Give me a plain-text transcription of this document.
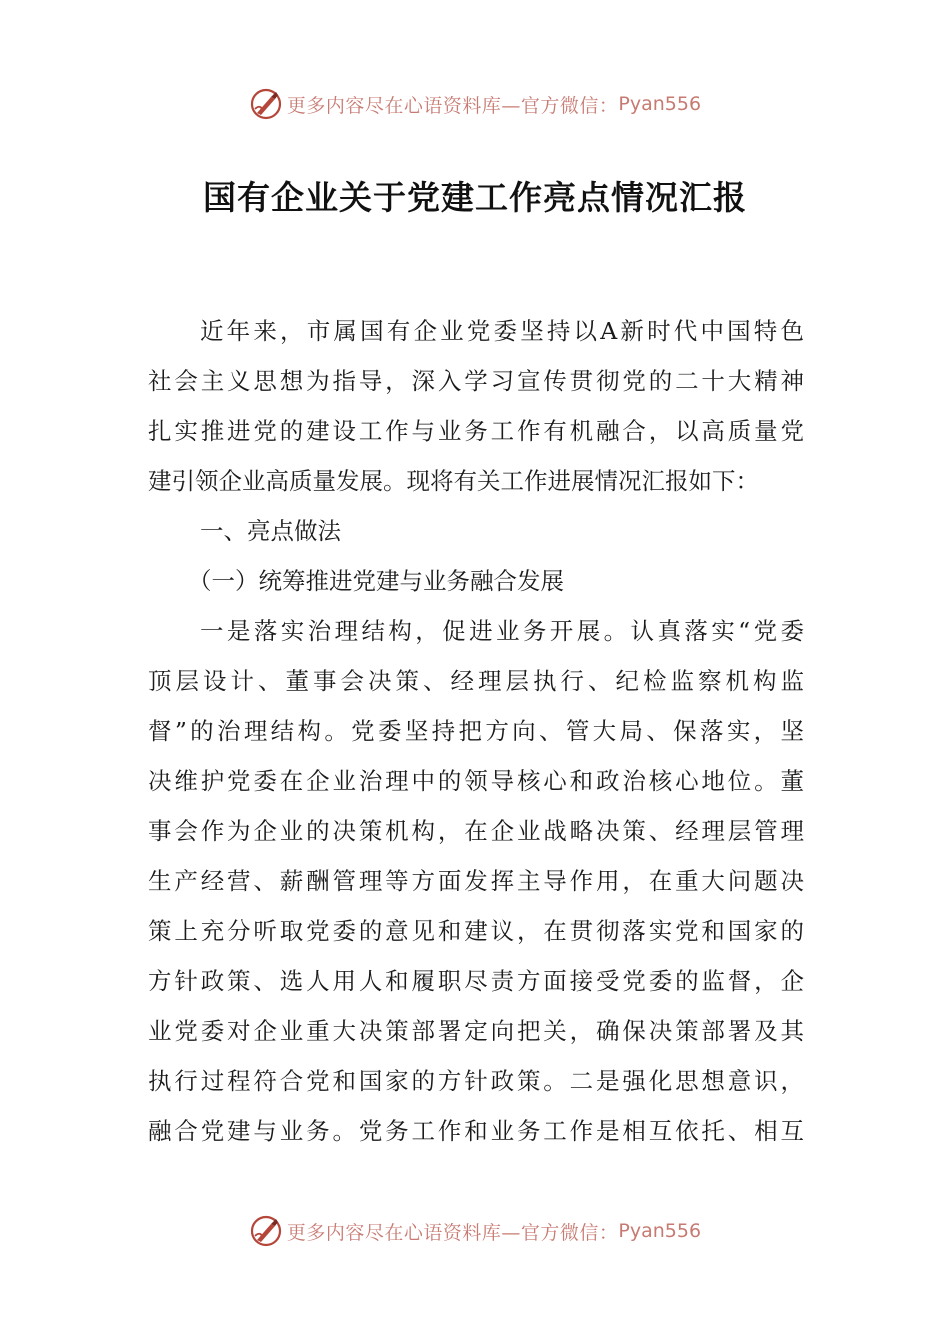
更多内容尽在心语资料库—官方微信： Pyan556
国有企业关于党建工作亮点情况汇报
近年来，市属国有企业党委坚持以A新时代中国特色
社会主义思想为指导，深入学习宣传贯彻党的二十大精神
扎实推进党的建设工作与业务工作有机融合，以高质量党
建引领企业高质量发展。现将有关工作进展情况汇报如下：
一、亮点做法
（一）统筹推进党建与业务融合发展
一是落实治理结构，促进业务开展。认真落实“党委
顶层设计、董事会决策、经理层执行、纪检监察机构监
督”的治理结构。党委坚持把方向、管大局、保落实，坚
决维护党委在企业治理中的领导核心和政治核心地位。董
事会作为企业的决策机构，在企业战略决策、经理层管理
生产经营、薪酬管理等方面发挥主导作用，在重大问题决
策上充分听取党委的意见和建议，在贯彻落实党和国家的
方针政策、选人用人和履职尽责方面接受党委的监督，企
业党委对企业重大决策部署定向把关，确保决策部署及其
执行过程符合党和国家的方针政策。二是强化思想意识，
融合党建与业务。党务工作和业务工作是相互依托、相互
更多内容尽在心语资料库—官方微信： Pyan556
